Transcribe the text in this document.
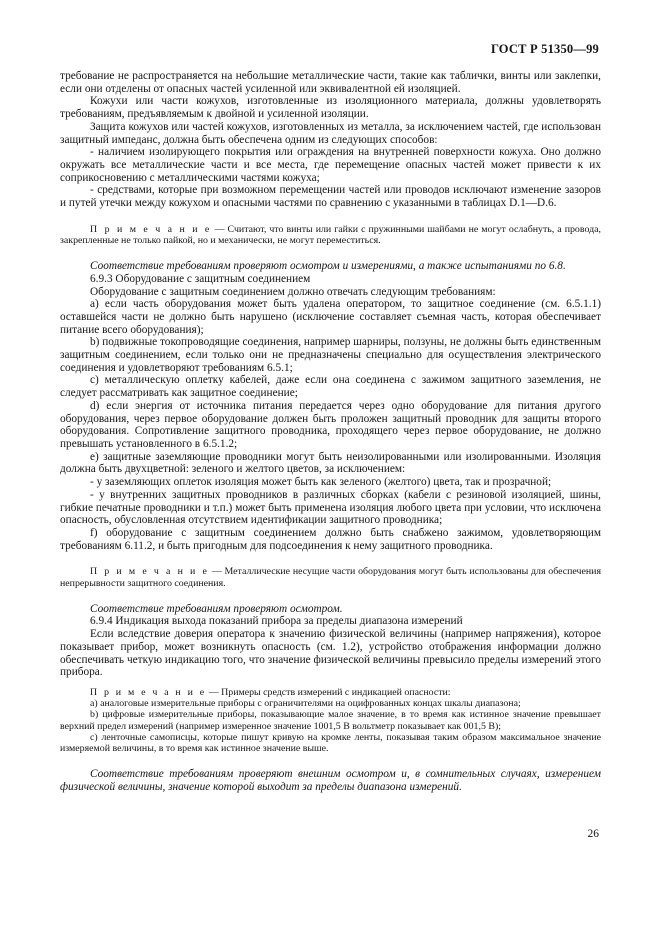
ГОСТ Р 51350—99

требование не распространяется на небольшие металлические части, такие как таблички, винты или заклепки, если они отделены от опасных частей усиленной или эквивалентной ей изоляцией.

Кожухи или части кожухов, изготовленные из изоляционного материала, должны удовлетворять требованиям, предъявляемым к двойной и усиленной изоляции.

Защита кожухов или частей кожухов, изготовленных из металла, за исключением частей, где использован защитный импеданс, должна быть обеспечена одним из следующих способов:

- наличием изолирующего покрытия или ограждения на внутренней поверхности кожуха. Оно должно окружать все металлические части и все места, где перемещение опасных частей может привести к их соприкосновению с металлическими частями кожуха;

- средствами, которые при возможном перемещении частей или проводов исключают изменение зазоров и путей утечки между кожухом и опасными частями по сравнению с указанными в таблицах D.1—D.6.

П р и м е ч а н и е — Считают, что винты или гайки с пружинными шайбами не могут ослабнуть, а провода, закрепленные не только пайкой, но и механически, не могут переместиться.

Соответствие требованиям проверяют осмотром и измерениями, а также испытаниями по 6.8.

6.9.3 Оборудование с защитным соединением

Оборудование с защитным соединением должно отвечать следующим требованиям:

а) если часть оборудования может быть удалена оператором, то защитное соединение (см. 6.5.1.1) оставшейся части не должно быть нарушено (исключение составляет съемная часть, которая обеспечивает питание всего оборудования);

b) подвижные токопроводящие соединения, например шарниры, ползуны, не должны быть единственным защитным соединением, если только они не предназначены специально для осуществления электрического соединения и удовлетворяют требованиям 6.5.1;

с) металлическую оплетку кабелей, даже если она соединена с зажимом защитного заземления, не следует рассматривать как защитное соединение;

d) если энергия от источника питания передается через одно оборудование для питания другого оборудования, через первое оборудование должен быть проложен защитный проводник для защиты второго оборудования. Сопротивление защитного проводника, проходящего через первое оборудование, не должно превышать установленного в 6.5.1.2;

е) защитные заземляющие проводники могут быть неизолированными или изолированными. Изоляция должна быть двухцветной: зеленого и желтого цветов, за исключением:

- у заземляющих оплеток изоляция может быть как зеленого (желтого) цвета, так и прозрачной;

- у внутренних защитных проводников в различных сборках (кабели с резиновой изоляцией, шины, гибкие печатные проводники и т.п.) может быть применена изоляция любого цвета при условии, что исключена опасность, обусловленная отсутствием идентификации защитного проводника;

f) оборудование с защитным соединением должно быть снабжено зажимом, удовлетворяющим требованиям 6.11.2, и быть пригодным для подсоединения к нему защитного проводника.

П р и м е ч а н и е — Металлические несущие части оборудования могут быть использованы для обеспечения непрерывности защитного соединения.

Соответствие требованиям проверяют осмотром.

6.9.4 Индикация выхода показаний прибора за пределы диапазона измерений

Если вследствие доверия оператора к значению физической величины (например напряжения), которое показывает прибор, может возникнуть опасность (см. 1.2), устройство отображения информации должно обеспечивать четкую индикацию того, что значение физической величины превысило пределы измерений этого прибора.

П р и м е ч а н и е — Примеры средств измерений с индикацией опасности:

а) аналоговые измерительные приборы с ограничителями на оцифрованных концах шкалы диапазона;

b) цифровые измерительные приборы, показывающие малое значение, в то время как истинное значение превышает верхний предел измерений (например измеренное значение 1001,5 В вольтметр показывает как 001,5 В);

с) ленточные самописцы, которые пишут кривую на кромке ленты, показывая таким образом максимальное значение измеряемой величины, в то время как истинное значение выше.

Соответствие требованиям проверяют внешним осмотром и, в сомнительных случаях, измерением физической величины, значение которой выходит за пределы диапазона измерений.

26
